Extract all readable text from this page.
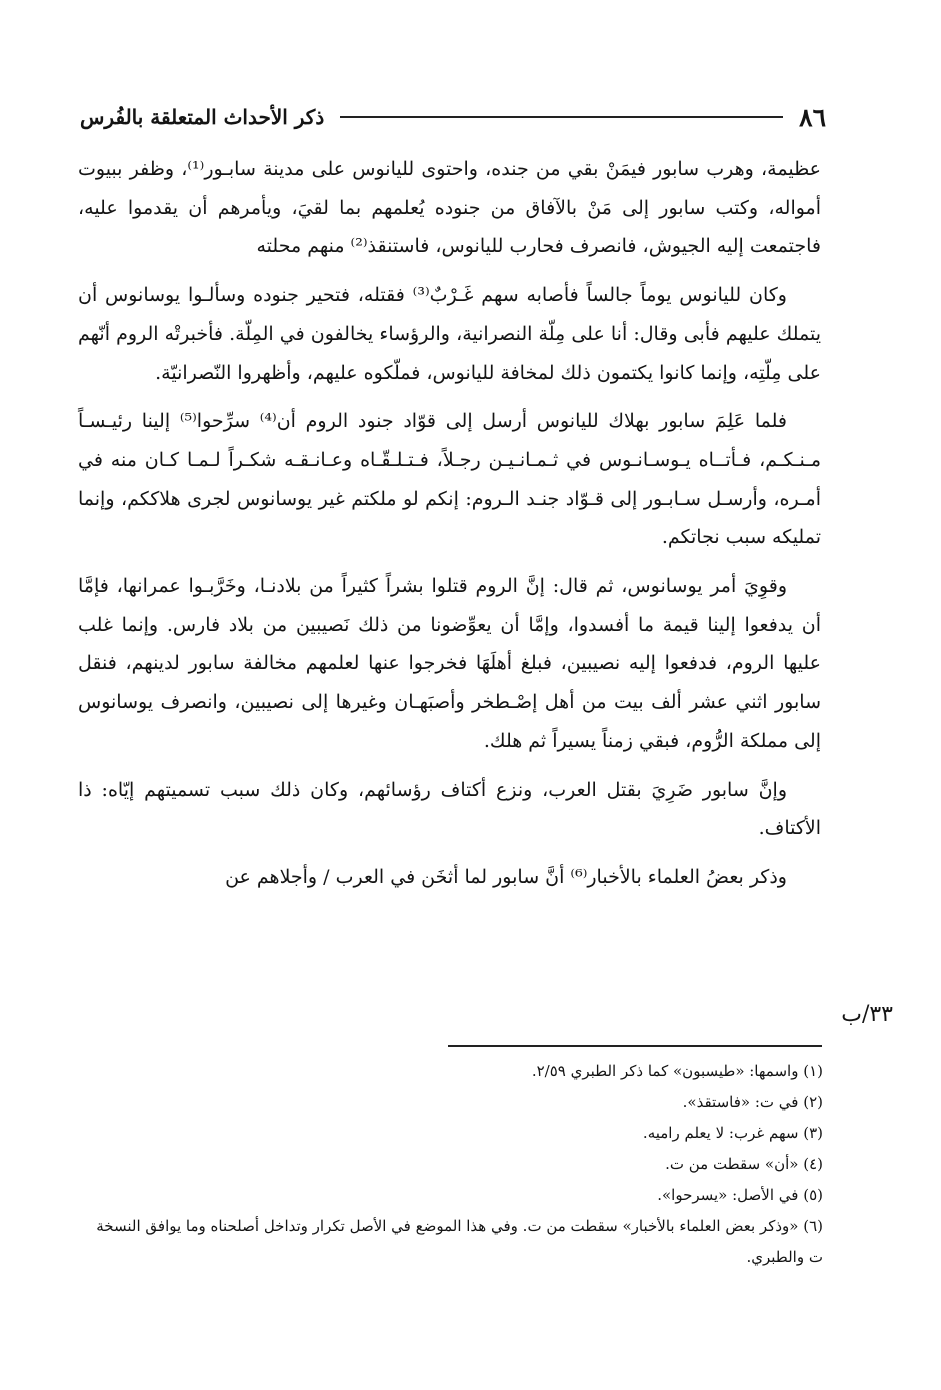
٨٦
ذكر الأحداث المتعلقة بالفُرس

عظيمة، وهرب سابور فيمَنْ بقي من جنده، واحتوى لليانوس على مدينة سابـور⁽¹⁾، وظفر ببيوت أمواله، وكتب سابور إلى مَنْ بالآفاق من جنوده يُعلمهم بما لقيَ، ويأمرهم أن يقدموا عليه، فاجتمعت إليه الجيوش، فانصرف فحارب لليانوس، فاستنقذ⁽²⁾ منهم محلته

وكان لليانوس يوماً جالساً فأصابه سهم غَـرْبٌ⁽³⁾ فقتله، فتحير جنوده وسألـوا يوسانوس أن يتملك عليهم فأبى وقال: أنا على مِلّة النصرانية، والرؤساء يخالفون في المِلّة. فأخبرتْه الروم أنّهم على مِلّتِه، وإنما كانوا يكتمون ذلك لمخافة لليانوس، فملّكوه عليهم، وأظهروا النّصرانيّة.

فلما عَلِمَ سابور بهلاك لليانوس أرسل إلى قوّاد جنود الروم أن⁽⁴⁾ سرِّحوا⁽⁵⁾ إلينا رئيـسـاً مـنـكـم، فـأتــاه يـوسـانـوس في ثـمـانـيـن رجـلاً، فـتـلـقّـاه وعـانـقـه شكـراً لـمـا كـان منه في أمـره، وأرسـل سـابـور إلى قـوّاد جنـد الـروم: إنكم لو ملكتم غير يوسانوس لجرى هلاككم، وإنما تمليكه سبب نجاتكم.

وقوِيَ أمر يوسانوس، ثم قال: إنَّ الروم قتلوا بشراً كثيراً من بلادنـا، وخَرَّبـوا عمرانها، فإمَّا أن يدفعوا إلينا قيمة ما أفسدوا، وإمَّا أن يعوِّضونا من ذلك نَصيبين من بلاد فارس. وإنما غلب عليها الروم، فدفعوا إليه نصيبين، فبلغ أهلَهَا فخرجوا عنها لعلمهم مخالفة سابور لدينهم، فنقل سابور اثني عشر ألف بيت من أهل إصْـطخر وأصبَهـان وغيرها إلى نصيبين، وانصرف يوسانوس إلى مملكة الرُّوم، فبقي زمناً يسيراً ثم هلك.

وإنَّ سابور ضَرِيَ بقتل العرب، ونزع أكتاف رؤسائهم، وكان ذلك سبب تسميتهم إيّاه: ذا الأكتاف.

وذكر بعضُ العلماء بالأخبار⁽⁶⁾ أنَّ سابور لما أثخَن في العرب / وأجلاهم عن

٣٣/ب
(١) واسمها: «طيسبون» كما ذكر الطبري ٢/٥٩.
(٢) في ت: «فاستقذ».
(٣) سهم غرب: لا يعلم راميه.
(٤) «أن» سقطت من ت.
(٥) في الأصل: «يسرحوا».
(٦) «وذكر بعض العلماء بالأخبار» سقطت من ت. وفي هذا الموضع في الأصل تكرار وتداخل أصلحناه وما يوافق النسخة ت والطبري.
